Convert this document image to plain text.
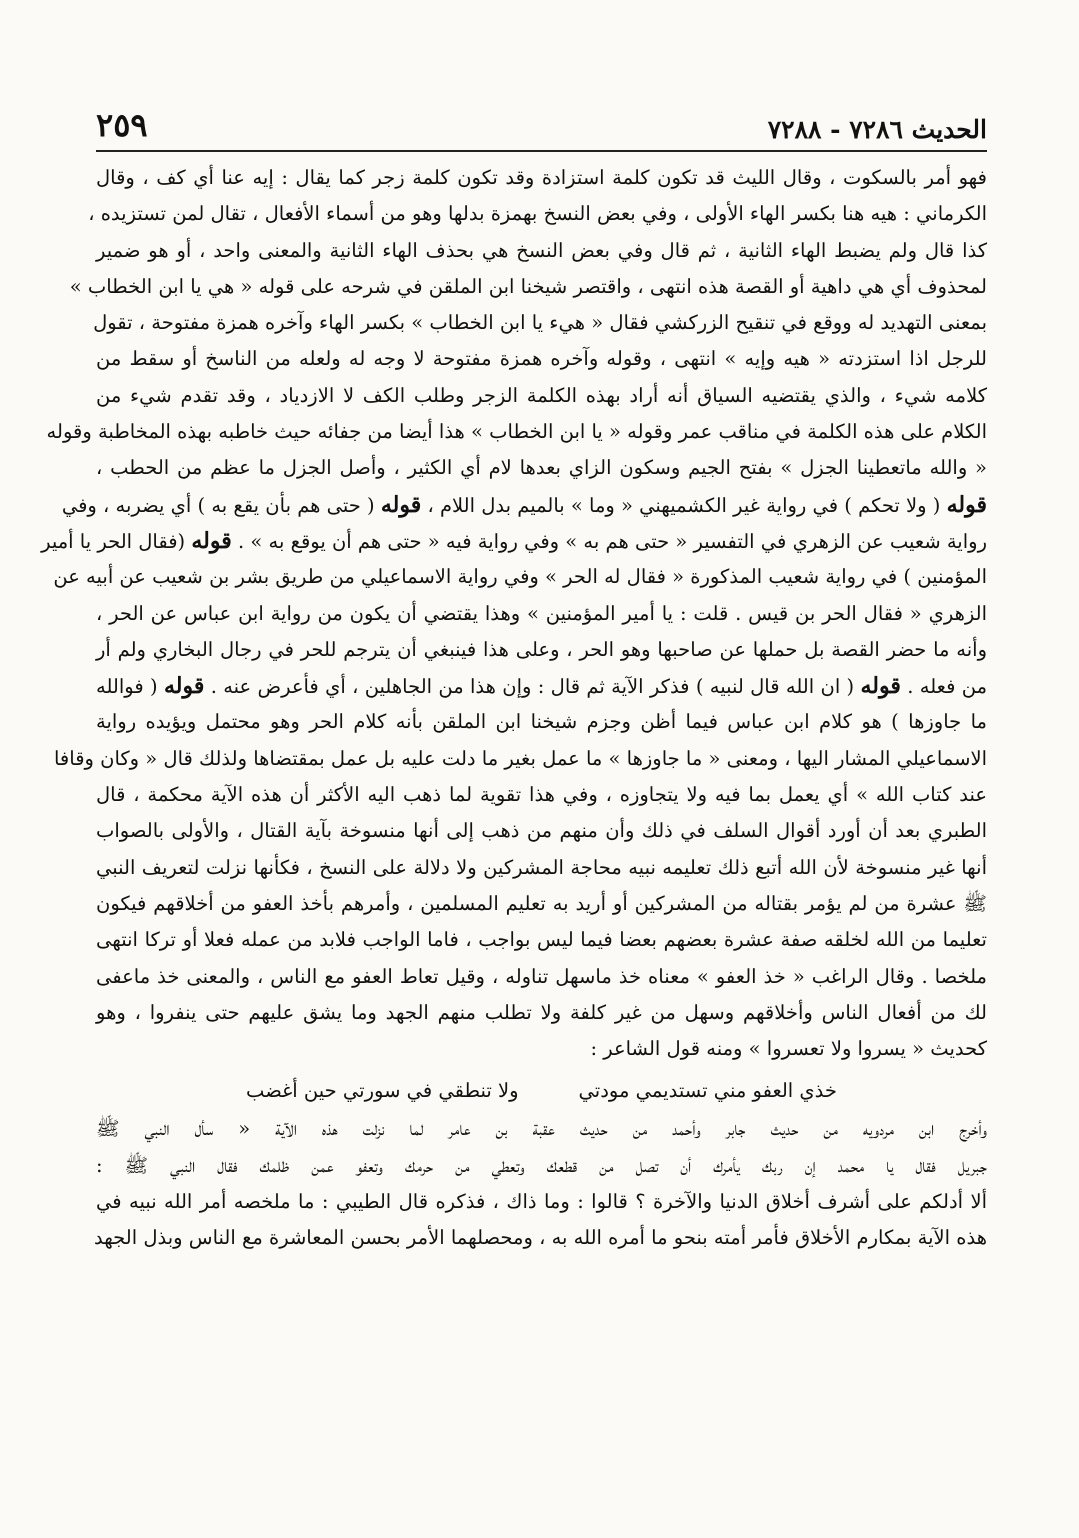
الحديث ٧٢٨٦ - ٧٢٨٨
٢٥٩
فهو أمر بالسكوت ، وقال الليث قد تكون كلمة استزادة وقد تكون كلمة زجر كما يقال : إيه عنا أي كف ، وقال
الكرماني : هيه هنا بكسر الهاء الأولى ، وفي بعض النسخ بهمزة بدلها وهو من أسماء الأفعال ، تقال لمن تستزيده ،
كذا قال ولم يضبط الهاء الثانية ، ثم قال وفي بعض النسخ هي بحذف الهاء الثانية والمعنى واحد ، أو هو ضمير
لمحذوف أي هي داهية أو القصة هذه انتهى ، واقتصر شيخنا ابن الملقن في شرحه على قوله « هي يا ابن الخطاب »
بمعنى التهديد له ووقع في تنقيح الزركشي فقال « هيء يا ابن الخطاب » بكسر الهاء وآخره همزة مفتوحة ، تقول
للرجل اذا استزدته « هيه وإيه » انتهى ، وقوله وآخره همزة مفتوحة لا وجه له ولعله من الناسخ أو سقط من
كلامه شيء ، والذي يقتضيه السياق أنه أراد بهذه الكلمة الزجر وطلب الكف لا الازدياد ، وقد تقدم شيء من
الكلام على هذه الكلمة في مناقب عمر وقوله « يا ابن الخطاب » هذا أيضا من جفائه حيث خاطبه بهذه المخاطبة وقوله
« والله ماتعطينا الجزل » بفتح الجيم وسكون الزاي بعدها لام أي الكثير ، وأصل الجزل ما عظم من الحطب ،
قوله ( ولا تحكم ) في رواية غير الكشميهني « وما » بالميم بدل اللام ، قوله ( حتى هم بأن يقع به ) أي يضربه ، وفي
رواية شعيب عن الزهري في التفسير « حتى هم به » وفي رواية فيه « حتى هم أن يوقع به » . قوله (فقال الحر يا أمير
المؤمنين ) في رواية شعيب المذكورة « فقال له الحر » وفي رواية الاسماعيلي من طريق بشر بن شعيب عن أبيه عن
الزهري « فقال الحر بن قيس . قلت : يا أمير المؤمنين » وهذا يقتضي أن يكون من رواية ابن عباس عن الحر ،
وأنه ما حضر القصة بل حملها عن صاحبها وهو الحر ، وعلى هذا فينبغي أن يترجم للحر في رجال البخاري ولم أر
من فعله . قوله ( ان الله قال لنبيه ) فذكر الآية ثم قال : وإن هذا من الجاهلين ، أي فأعرض عنه . قوله ( فوالله
ما جاوزها ) هو كلام ابن عباس فيما أظن وجزم شيخنا ابن الملقن بأنه كلام الحر وهو محتمل ويؤيده رواية
الاسماعيلي المشار اليها ، ومعنى « ما جاوزها » ما عمل بغير ما دلت عليه بل عمل بمقتضاها ولذلك قال « وكان وقافا
عند كتاب الله » أي يعمل بما فيه ولا يتجاوزه ، وفي هذا تقوية لما ذهب اليه الأكثر أن هذه الآية محكمة ، قال
الطبري بعد أن أورد أقوال السلف في ذلك وأن منهم من ذهب إلى أنها منسوخة بآية القتال ، والأولى بالصواب
أنها غير منسوخة لأن الله أتبع ذلك تعليمه نبيه محاجة المشركين ولا دلالة على النسخ ، فكأنها نزلت لتعريف النبي
ﷺ عشرة من لم يؤمر بقتاله من المشركين أو أريد به تعليم المسلمين ، وأمرهم بأخذ العفو من أخلاقهم فيكون
تعليما من الله لخلقه صفة عشرة بعضهم بعضا فيما ليس بواجب ، فاما الواجب فلابد من عمله فعلا أو تركا انتهى
ملخصا . وقال الراغب « خذ العفو » معناه خذ ماسهل تناوله ، وقيل تعاط العفو مع الناس ، والمعنى خذ ماعفى
لك من أفعال الناس وأخلاقهم وسهل من غير كلفة ولا تطلب منهم الجهد وما يشق عليهم حتى ينفروا ، وهو
كحديث « يسروا ولا تعسروا » ومنه قول الشاعر :
خذي العفو مني تستديمي مودتي
ولا تنطقي في سورتي حين أغضب
وأخرج ابن مردويه من حديث جابر وأحمد من حديث عقبة بن عامر لما نزلت هذه الآية « سأل النبي ﷺ
جبريل فقال يا محمد إن ربك يأمرك أن تصل من قطعك وتعطي من حرمك وتعفو عمن ظلمك فقال النبي ﷺ :
ألا أدلكم على أشرف أخلاق الدنيا والآخرة ؟ قالوا : وما ذاك ، فذكره قال الطيبي : ما ملخصه أمر الله نبيه في
هذه الآية بمكارم الأخلاق فأمر أمته بنحو ما أمره الله به ، ومحصلهما الأمر بحسن المعاشرة مع الناس وبذل الجهد
